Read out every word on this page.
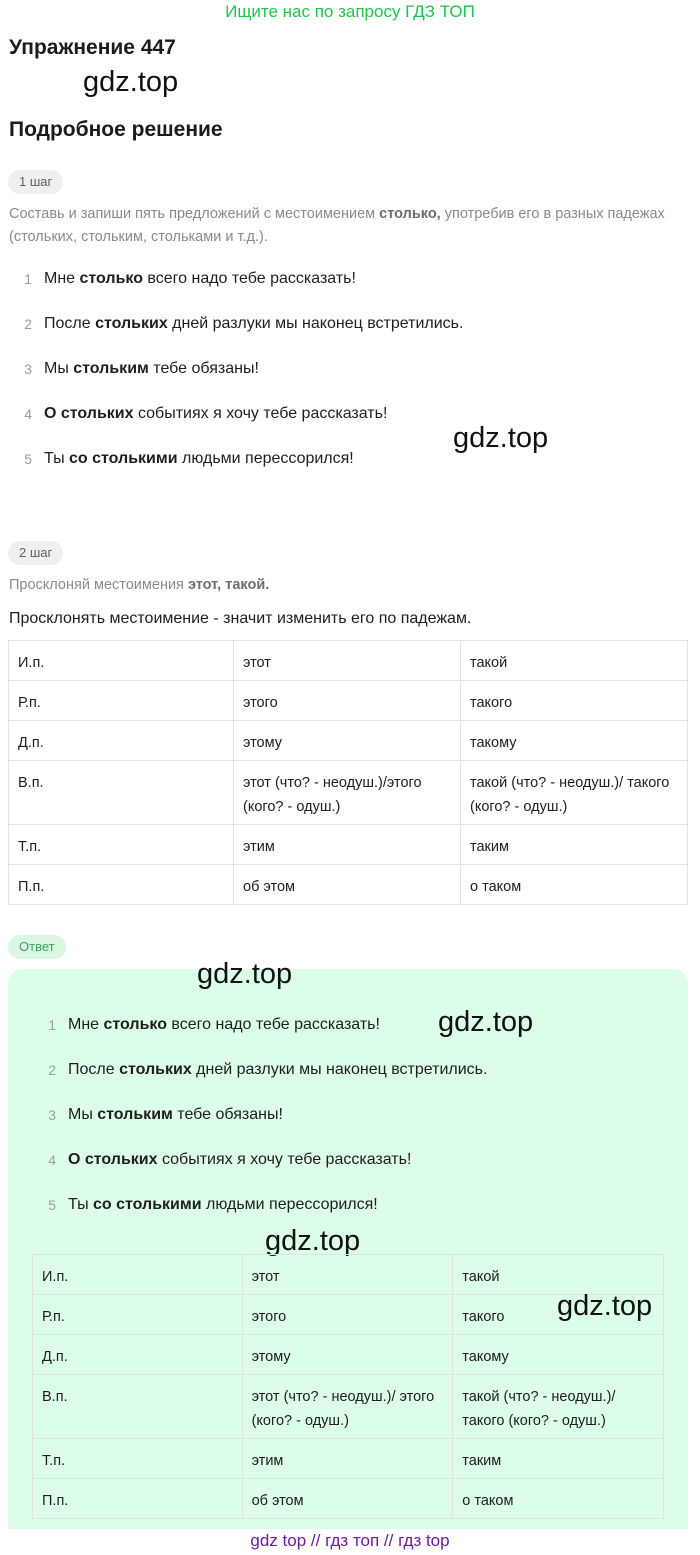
Ищите нас по запросу ГДЗ ТОП
Упражнение 447
gdz.top
Подробное решение
1 шаг
Составь и запиши пять предложений с местоимением столько, употребив его в разных падежах (стольких, стольким, стольками и т.д.).
1 Мне столько всего надо тебе рассказать!
2 После стольких дней разлуки мы наконец встретились.
3 Мы стольким тебе обязаны!
4 О стольких событиях я хочу тебе рассказать!
5 Ты со столькими людьми перессорился!
gdz.top
2 шаг
Просклоняй местоимения этот, такой.
Просклонять местоимение - значит изменить его по падежам.
И.п.	этот	такой
Р.п.	этого	такого
Д.п.	этому	такому
В.п.	этот (что? - неодуш.)/этого (кого? - одуш.)	такой (что? - неодуш.)/ такого (кого? - одуш.)
Т.п.	этим	таким
П.п.	об этом	о таком
Ответ
gdz.top
1 Мне столько всего надо тебе рассказать!
2 После стольких дней разлуки мы наконец встретились.
3 Мы стольким тебе обязаны!
4 О стольких событиях я хочу тебе рассказать!
5 Ты со столькими людьми перессорился!
gdz.top
gdz.top
И.п.	этот	такой
Р.п.	этого	такого
Д.п.	этому	такому
В.п.	этот (что? - неодуш.)/ этого (кого? - одуш.)	такой (что? - неодуш.)/ такого (кого? - одуш.)
Т.п.	этим	таким
П.п.	об этом	о таком
gdz.top
gdz top // гдз топ // гдз top
